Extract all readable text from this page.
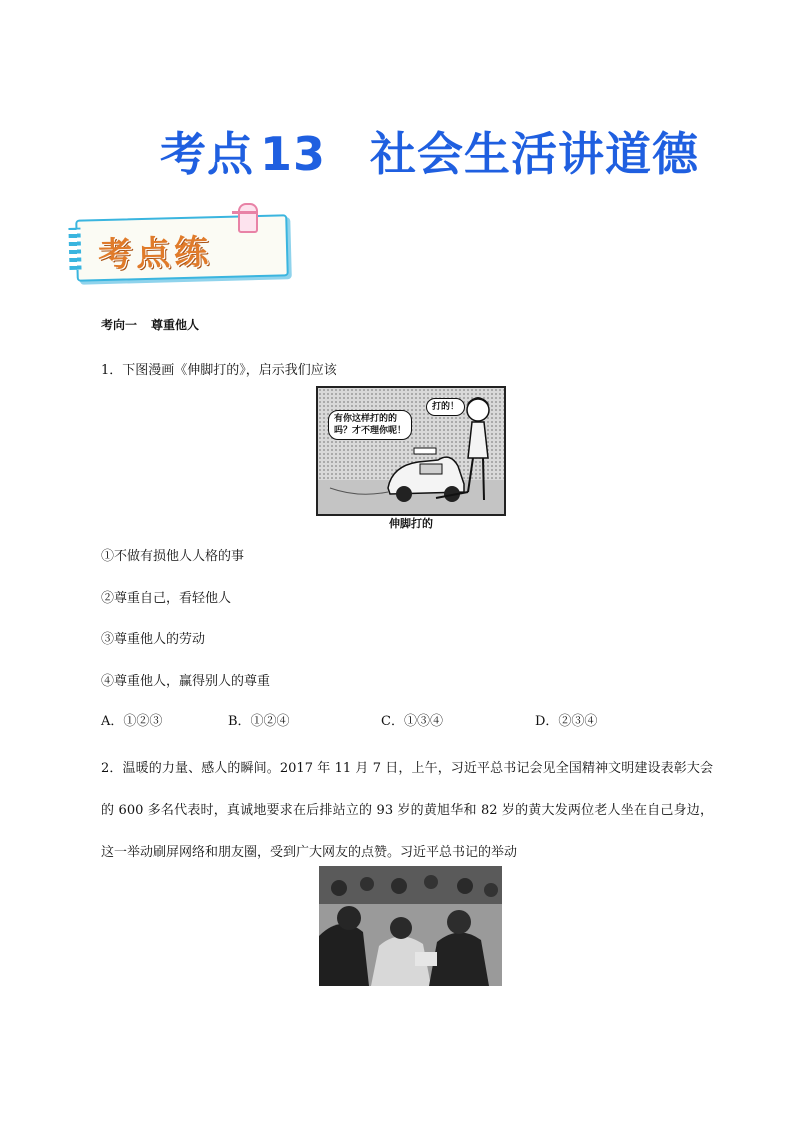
考点 13 社会生活讲道德
考点练
考向一 尊重他人
1．下图漫画《伸脚打的》，启示我们应该
有你这样打的的
吗？才不理你呢！
打的！
伸脚打的
①不做有损他人人格的事
②尊重自己，看轻他人
③尊重他人的劳动
④尊重他人，赢得别人的尊重
A．①②③	B．①②④	C．①③④	D．②③④
2．温暖的力量、感人的瞬间。2017 年 11 月 7 日，上午，习近平总书记会见全国精神文明建设表彰大会的 600 多名代表时，真诚地要求在后排站立的 93 岁的黄旭华和 82 岁的黄大发两位老人坐在自己身边，这一举动刷屏网络和朋友圈，受到广大网友的点赞。习近平总书记的举动
